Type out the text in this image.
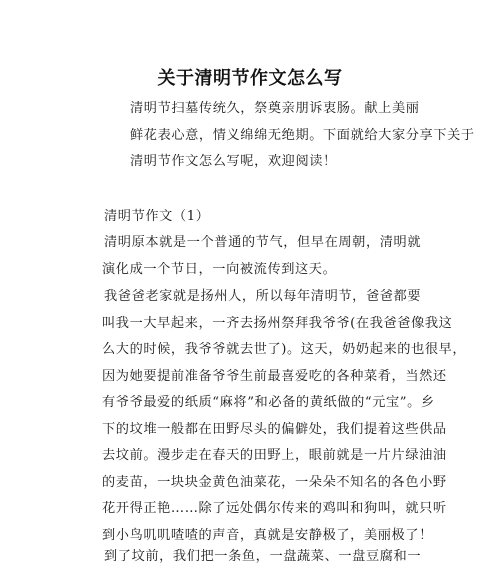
关于清明节作文怎么写
清明节扫墓传统久，祭奠亲朋诉衷肠。献上美丽
鲜花表心意，情义绵绵无绝期。下面就给大家分享下关于
清明节作文怎么写呢，欢迎阅读！
清明节作文（1）
清明原本就是一个普通的节气，但早在周朝，清明就
演化成一个节日，一向被流传到这天。
我爸爸老家就是扬州人，所以每年清明节，爸爸都要
叫我一大早起来，一齐去扬州祭拜我爷爷(在我爸爸像我这
么大的时候，我爷爷就去世了)。这天，奶奶起来的也很早，
因为她要提前准备爷爷生前最喜爱吃的各种菜肴，当然还
有爷爷最爱的纸质“麻将”和必备的黄纸做的“元宝”。乡
下的坟堆一般都在田野尽头的偏僻处，我们提着这些供品
去坟前。漫步走在春天的田野上，眼前就是一片片绿油油
的麦苗，一块块金黄色油菜花，一朵朵不知名的各色小野
花开得正艳……除了远处偶尔传来的鸡叫和狗叫，就只听
到小鸟叽叽喳喳的声音，真就是安静极了，美丽极了！
到了坟前，我们把一条鱼，一盘蔬菜、一盘豆腐和一
